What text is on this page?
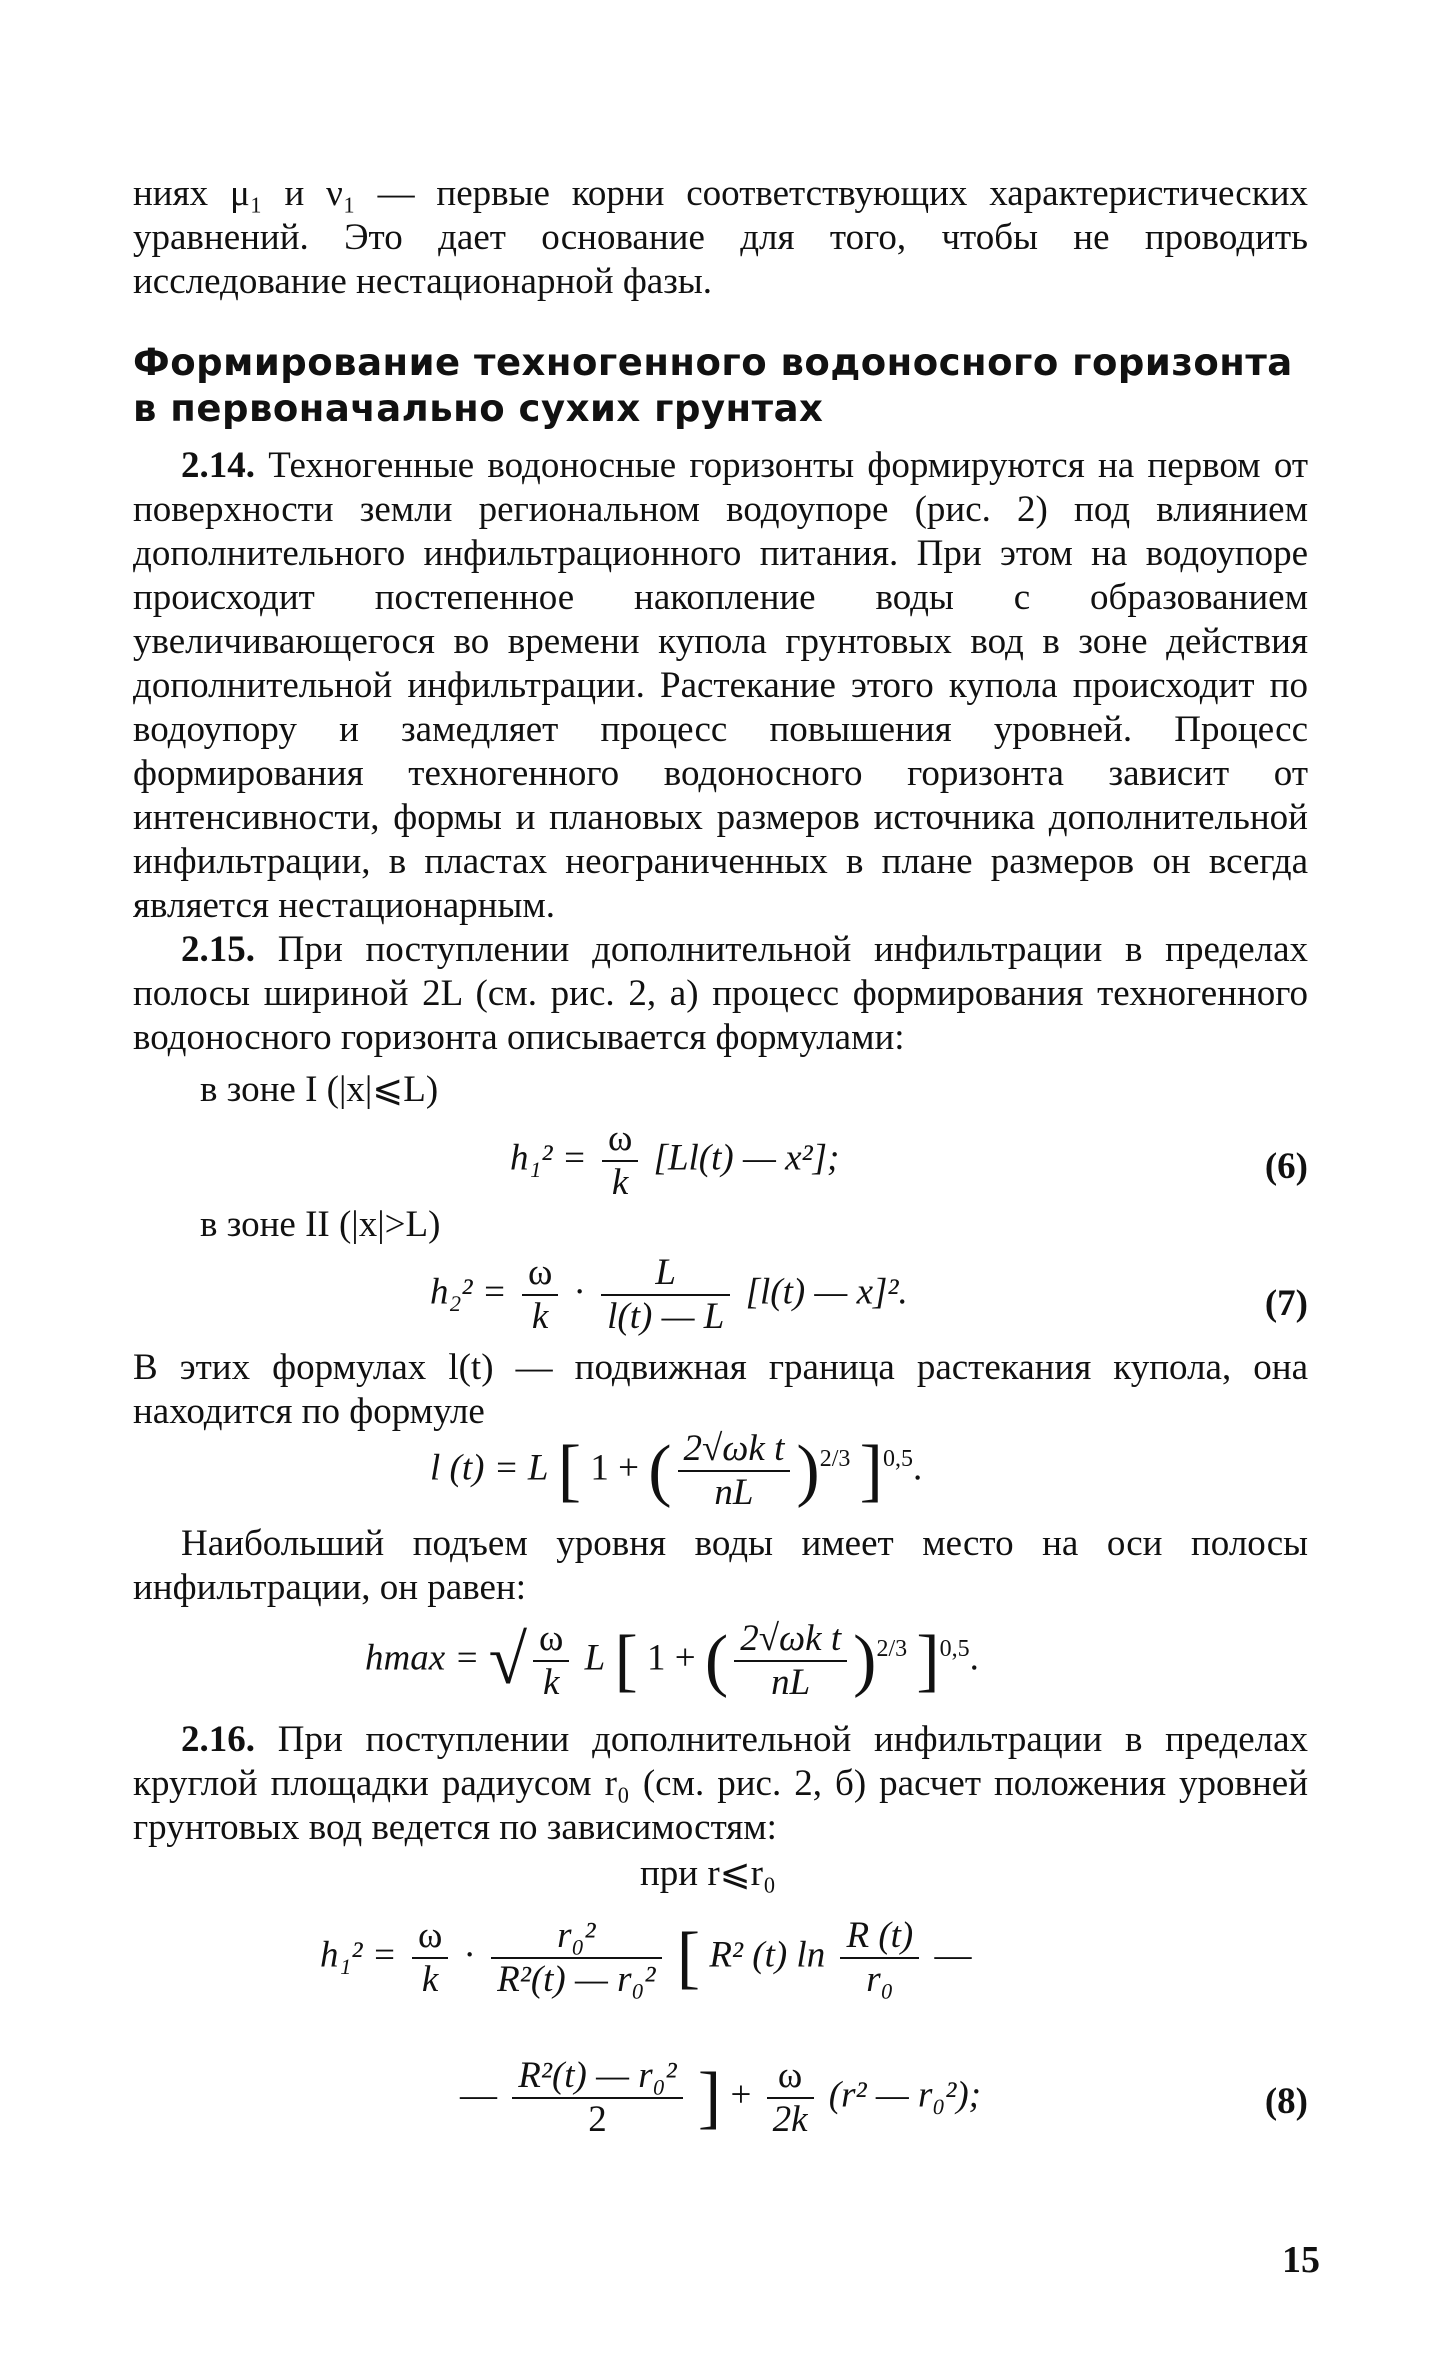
ниях μ₁ и ν₁ — первые корни соответствующих характеристических уравнений. Это дает основание для того, чтобы не проводить исследование нестационарной фазы.

Формирование техногенного водоносного горизонта
в первоначально сухих грунтах

2.14. Техногенные водоносные горизонты формируются на первом от поверхности земли региональном водоупоре (рис. 2) под влиянием дополнительного инфильтрационного питания. При этом на водоупоре происходит постепенное накопление воды с образованием увеличивающегося во времени купола грунтовых вод в зоне действия дополнительной инфильтрации. Растекание этого купола происходит по водоупору и замедляет процесс повышения уровней. Процесс формирования техногенного водоносного горизонта зависит от интенсивности, формы и плановых размеров источника дополнительной инфильтрации, в пластах неограниченных в плане размеров он всегда является нестационарным.

2.15. При поступлении дополнительной инфильтрации в пределах полосы шириной 2L (см. рис. 2, а) процесс формирования техногенного водоносного горизонта описывается формулами:

в зоне I (|x|⩽L)
$h_1^2 = \frac{\omega}{k} [Ll(t)$ — x²];	(6)
в зоне II (|x|>L)
$h_2^2 = \frac{\omega}{k} \cdot \frac{L}{l(t) — L} [l(t)$ — x]².	(7)

В этих формулах l(t) — подвижная граница растекания купола, она находится по формуле

l (t) = L [ 1 + ( $\frac{\text{2√ωk t}}{nL} )^{2/3}$ ]$^{0,5}$.

Наибольший подъем уровня воды имеет место на оси полосы инфильтрации, он равен:

hmax = √ $\frac{\omega}{k}$ L [ 1 + ( $\frac{\text{2√ωk t}}{nL} )^{2/3}$ ]$^{0,5}$.

2.16. При поступлении дополнительной инфильтрации в пределах круглой площадки радиусом r₀ (см. рис. 2, б) расчет положения уровней грунтовых вод ведется по зависимостям:

при r⩽r₀
$h_1^2 = \frac{\omega}{k} \cdot \frac{\text{r₀²}}{\text{R²(t) — r₀²}}$ [ R² (t) $\ln \frac{R (t)}{\text{r₀}}$ —
— $\frac{\text{R²(t) — r₀²}}{2}$ ] + $\frac{\omega}{2k} (r^2$ — r₀²);	(8)
15
